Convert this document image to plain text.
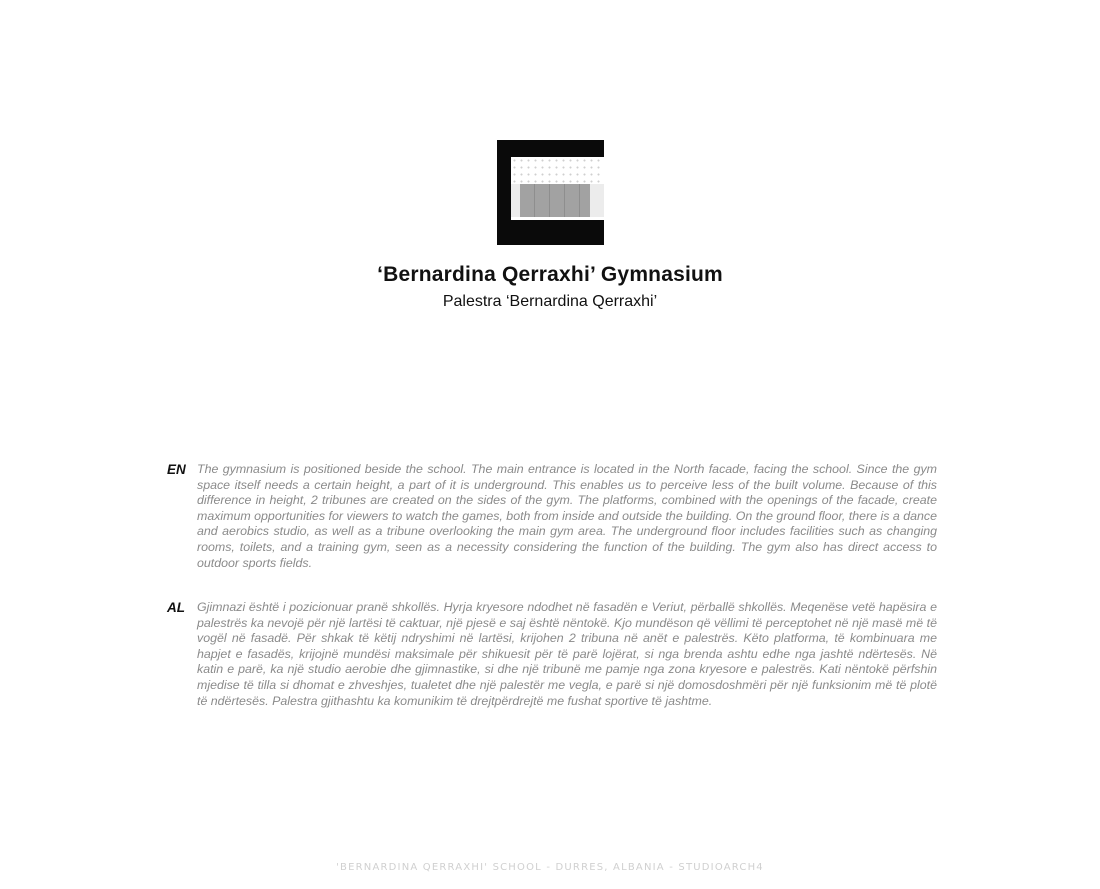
‘Bernardina Qerraxhi’ Gymnasium
Palestra ‘Bernardina Qerraxhi’
EN The gymnasium is positioned beside the school. The main entrance is located in the North facade, facing the school. Since the gym space itself needs a certain height, a part of it is underground. This enables us to perceive less of the built volume. Because of this difference in height, 2 tribunes are created on the sides of the gym. The platforms, combined with the openings of the facade, create maximum opportunities for viewers to watch the games, both from inside and outside the building. On the ground floor, there is a dance and aerobics studio, as well as a tribune overlooking the main gym area. The underground floor includes facilities such as changing rooms, toilets, and a training gym, seen as a necessity considering the function of the building. The gym also has direct access to outdoor sports fields.
AL Gjimnazi është i pozicionuar pranë shkollës. Hyrja kryesore ndodhet në fasadën e Veriut, përballë shkollës. Meqenëse vetë hapësira e palestrës ka nevojë për një lartësi të caktuar, një pjesë e saj është nëntokë. Kjo mundëson që vëllimi të perceptohet në një masë më të vogël në fasadë. Për shkak të këtij ndryshimi në lartësi, krijohen 2 tribuna në anët e palestrës. Këto platforma, të kombinuara me hapjet e fasadës, krijojnë mundësi maksimale për shikuesit për të parë lojërat, si nga brenda ashtu edhe nga jashtë ndërtesës. Në katin e parë, ka një studio aerobie dhe gjimnastike, si dhe një tribunë me pamje nga zona kryesore e palestrës. Kati nëntokë përfshin mjedise të tilla si dhomat e zhveshjes, tualetet dhe një palestër me vegla, e parë si një domosdoshmëri për një funksionim më të plotë të ndërtesës. Palestra gjithashtu ka komunikim të drejtpërdrejtë me fushat sportive të jashtme.
'BERNARDINA QERRAXHI' SCHOOL - DURRES, ALBANIA - STUDIOARCH4
